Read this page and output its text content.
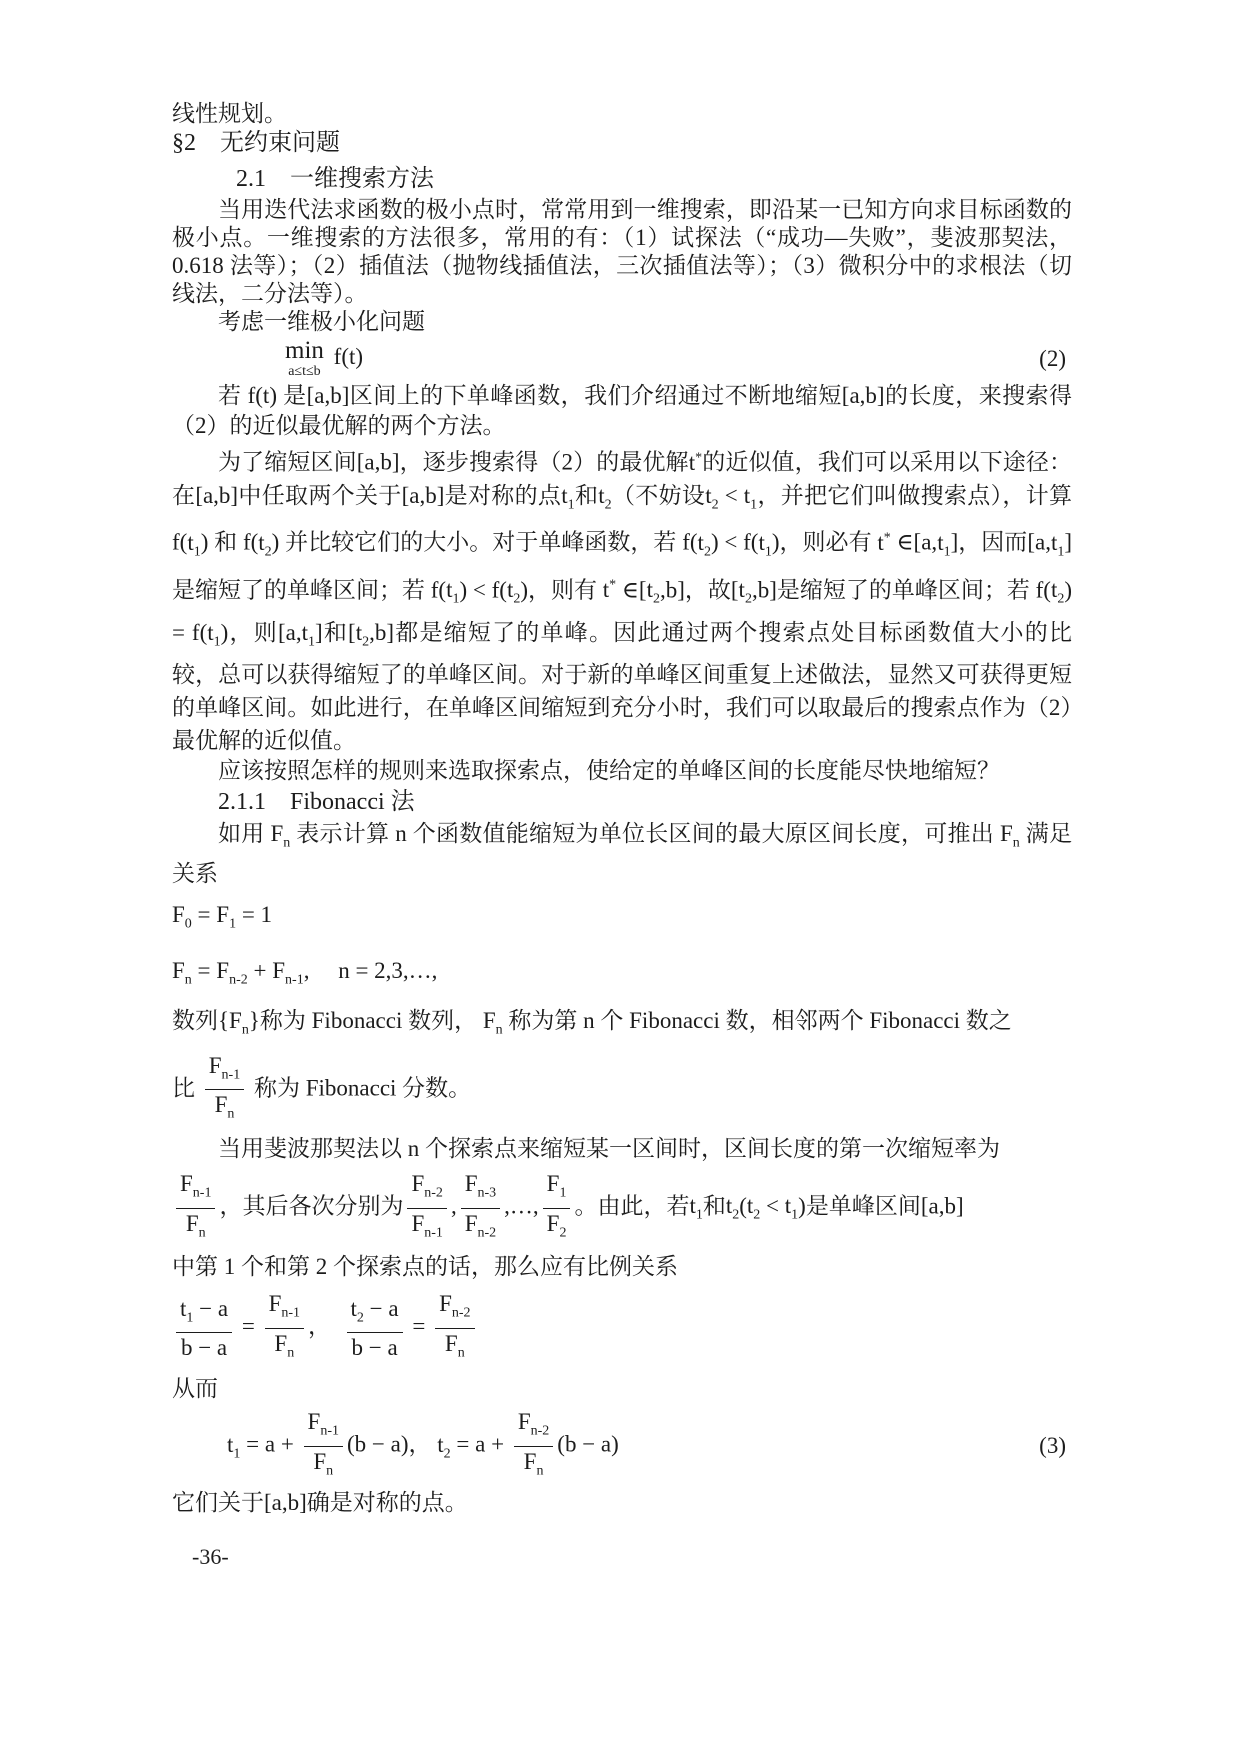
线性规划。

§2　无约束问题
2.1　一维搜索方法

当用迭代法求函数的极小点时，常常用到一维搜索，即沿某一已知方向求目标函数的极小点。一维搜索的方法很多，常用的有：（1）试探法（“成功—失败”，斐波那契法，0.618 法等）；（2）插值法（抛物线插值法，三次插值法等）；（3）微积分中的求根法（切线法，二分法等）。

考虑一维极小化问题

min
a≤t≤b
f(t)	(2)

若 f(t) 是[a,b]区间上的下单峰函数，我们介绍通过不断地缩短[a,b]的长度，来搜索得（2）的近似最优解的两个方法。

为了缩短区间[a,b]，逐步搜索得（2）的最优解t*的近似值，我们可以采用以下途径：在[a,b]中任取两个关于[a,b]是对称的点$t_1$和$t_2$（不妨设$t_2 < t_1$，并把它们叫做搜索点），计算 $f(t_1)$ 和 $f(t_2)$ 并比较它们的大小。对于单峰函数，若 $f(t_2) < f(t_1)$，则必有 t* $\in[a,t_1]$，因而$[a,t_1]$是缩短了的单峰区间；若 $f(t_1) < f(t_2)$，则有 t* $\in[t_2,b]$，故$[t_2,b]$是缩短了的单峰区间；若 $f(t_2) = f(t_1)$，则$[a,t_1]$和$[t_2,b]$都是缩短了的单峰。因此通过两个搜索点处目标函数值大小的比较，总可以获得缩短了的单峰区间。对于新的单峰区间重复上述做法，显然又可获得更短的单峰区间。如此进行，在单峰区间缩短到充分小时，我们可以取最后的搜索点作为（2）最优解的近似值。

应该按照怎样的规则来选取探索点，使给定的单峰区间的长度能尽快地缩短？

2.1.1　Fibonacci 法

如用 $F_n$ 表示计算 n 个函数值能缩短为单位长区间的最大原区间长度，可推出 $F_n$ 满足关系

$F_0 = F_1 = 1$
$F_n = F_{n-2} + F_{n-1}$,　 n = 2,3,…,

数列$\{F_n\}$称为 Fibonacci 数列， $F_n$ 称为第 n 个 Fibonacci 数，相邻两个 Fibonacci 数之

比 $\frac{F_{n-1}}{F_n}$ 称为 Fibonacci 分数。

当用斐波那契法以 n 个探索点来缩短某一区间时，区间长度的第一次缩短率为

$\frac{F_{n-1}}{F_n}$ ，其后各次分别为 $\frac{F_{n-2}}{F_{n-1}}$ , $\frac{F_{n-3}}{F_{n-2}}$ ,…, $\frac{F_1}{F_2}$ 。由此，若$t_1$和$t_2(t_2 < t_1)$是单峰区间[a,b]

中第 1 个和第 2 个探索点的话，那么应有比例关系

$\frac{t_1 - a}{b - a} = \frac{F_{n-1}}{F_n}$ ，　 $\frac{t_2 - a}{b - a} = \frac{F_{n-2}}{F_n}$

从而

$t_1 = a + \frac{F_{n-1}}{F_n} (b - a)$， $t_2 = a + \frac{F_{n-2}}{F_n} (b - a)$	(3)

它们关于[a,b]确是对称的点。

-36-
